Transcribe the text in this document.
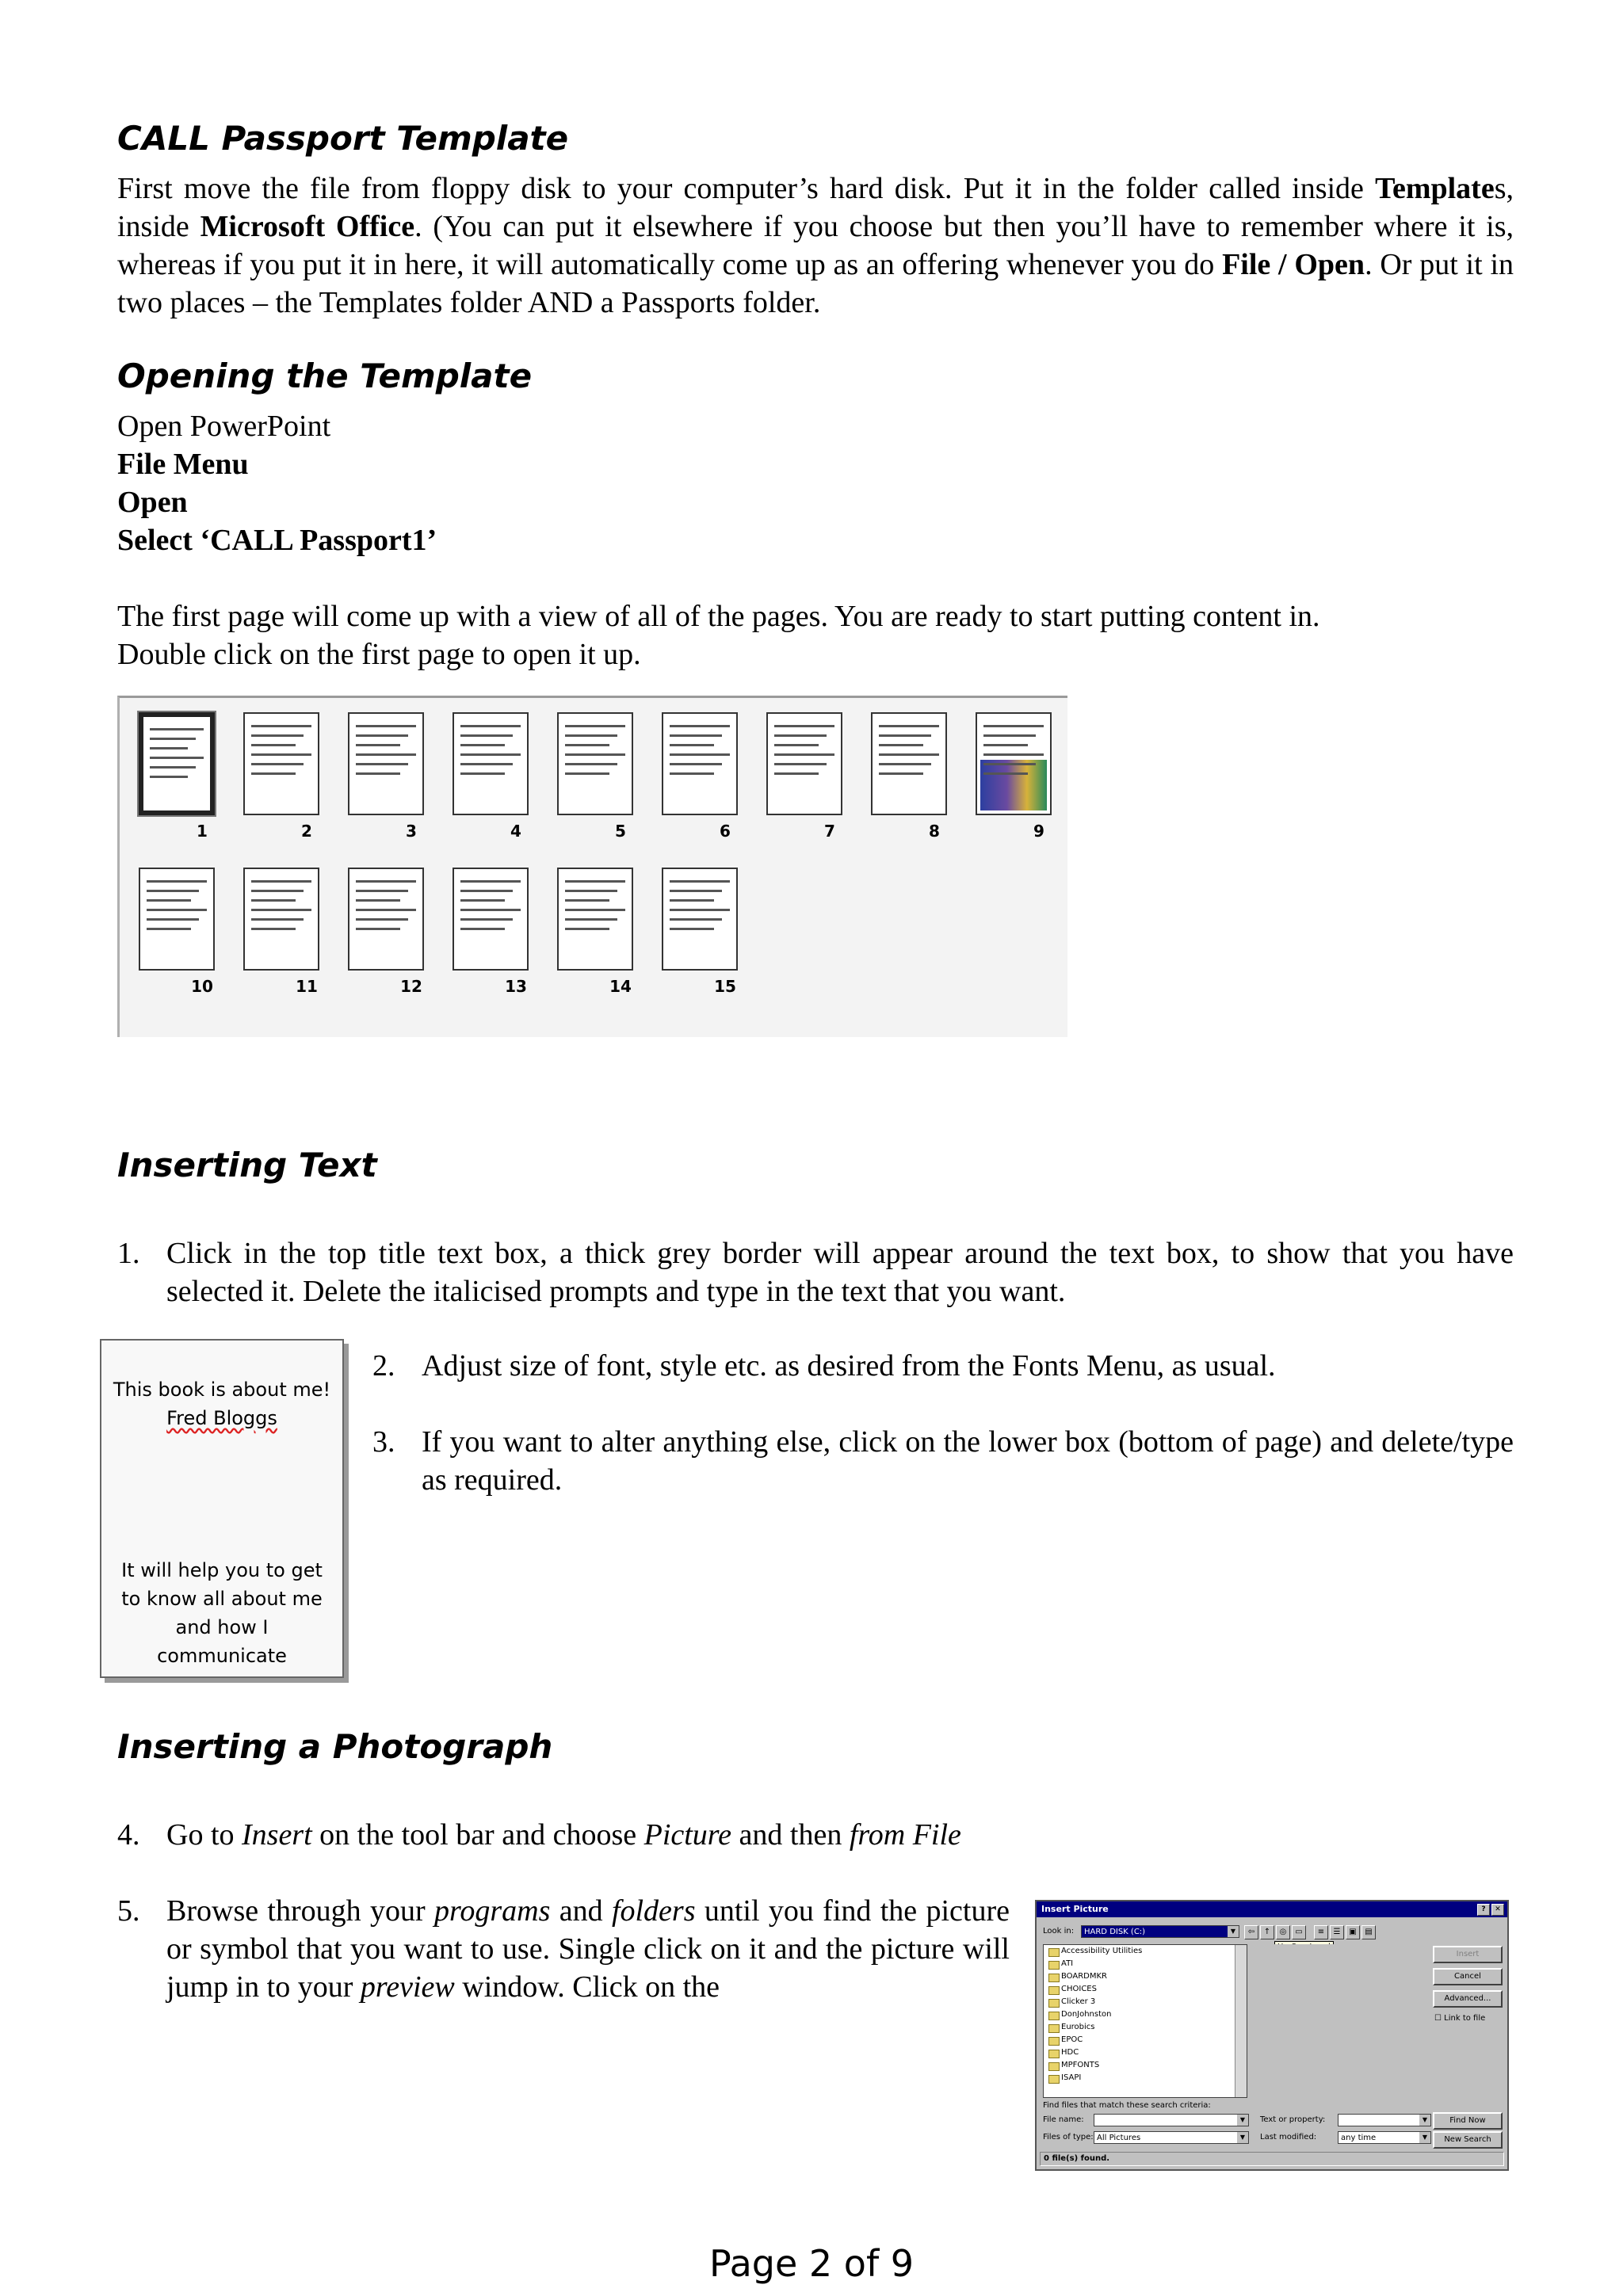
CALL Passport Template

First move the file from floppy disk to your computer’s hard disk. Put it in the folder called inside Templates, inside Microsoft Office. (You can put it elsewhere if you choose but then you’ll have to remember where it is, whereas if you put it in here, it will automatically come up as an offering whenever you do File / Open. Or put it in two places – the Templates folder AND a Passports folder.

Opening the Template
Open PowerPoint
File Menu
Open
Select ‘CALL Passport1’

The first page will come up with a view of all of the pages. You are ready to start putting content in.
Double click on the first page to open it up.

1	2	3	4	5	6	7	8	9
10	11	12	13	14	15
Inserting Text
1. Click in the top title text box, a thick grey border will appear around the text box, to show that you have selected it. Delete the italicised prompts and type in the text that you want.
This book is about me!
Fred Bloggs
It will help you to get to know all about me and how I communicate
2. Adjust size of font, style etc. as desired from the Fonts Menu, as usual.
3. If you want to alter anything else, click on the lower box (bottom of page) and delete/type as required.
Inserting a Photograph
4. Go to Insert on the tool bar and choose Picture and then from File
5. Browse through your programs and folders until you find the picture or symbol that you want to use. Single click on it and the picture will jump in to your preview window. Click on the
Insert Picture	?	✕
Look in:	HARD DISK (C:)	▼	⇦	↑	◎	▭	≡	☰	▣	▤
Accessibility Utilities
ATI
BOARDMKR
CHOICES
Clicker 3
DonJohnston
Eurobics
EPOC
HDC
MPFONTS
ISAPI
Insert
Cancel
Advanced...
☐ Link to file
Find files that match these search criteria:
File name:	▼	Text or property:	▼
Files of type: All Pictures	▼	Last modified:	any time	▼
Find Now
New Search
0 file(s) found.
Page 2 of 9
